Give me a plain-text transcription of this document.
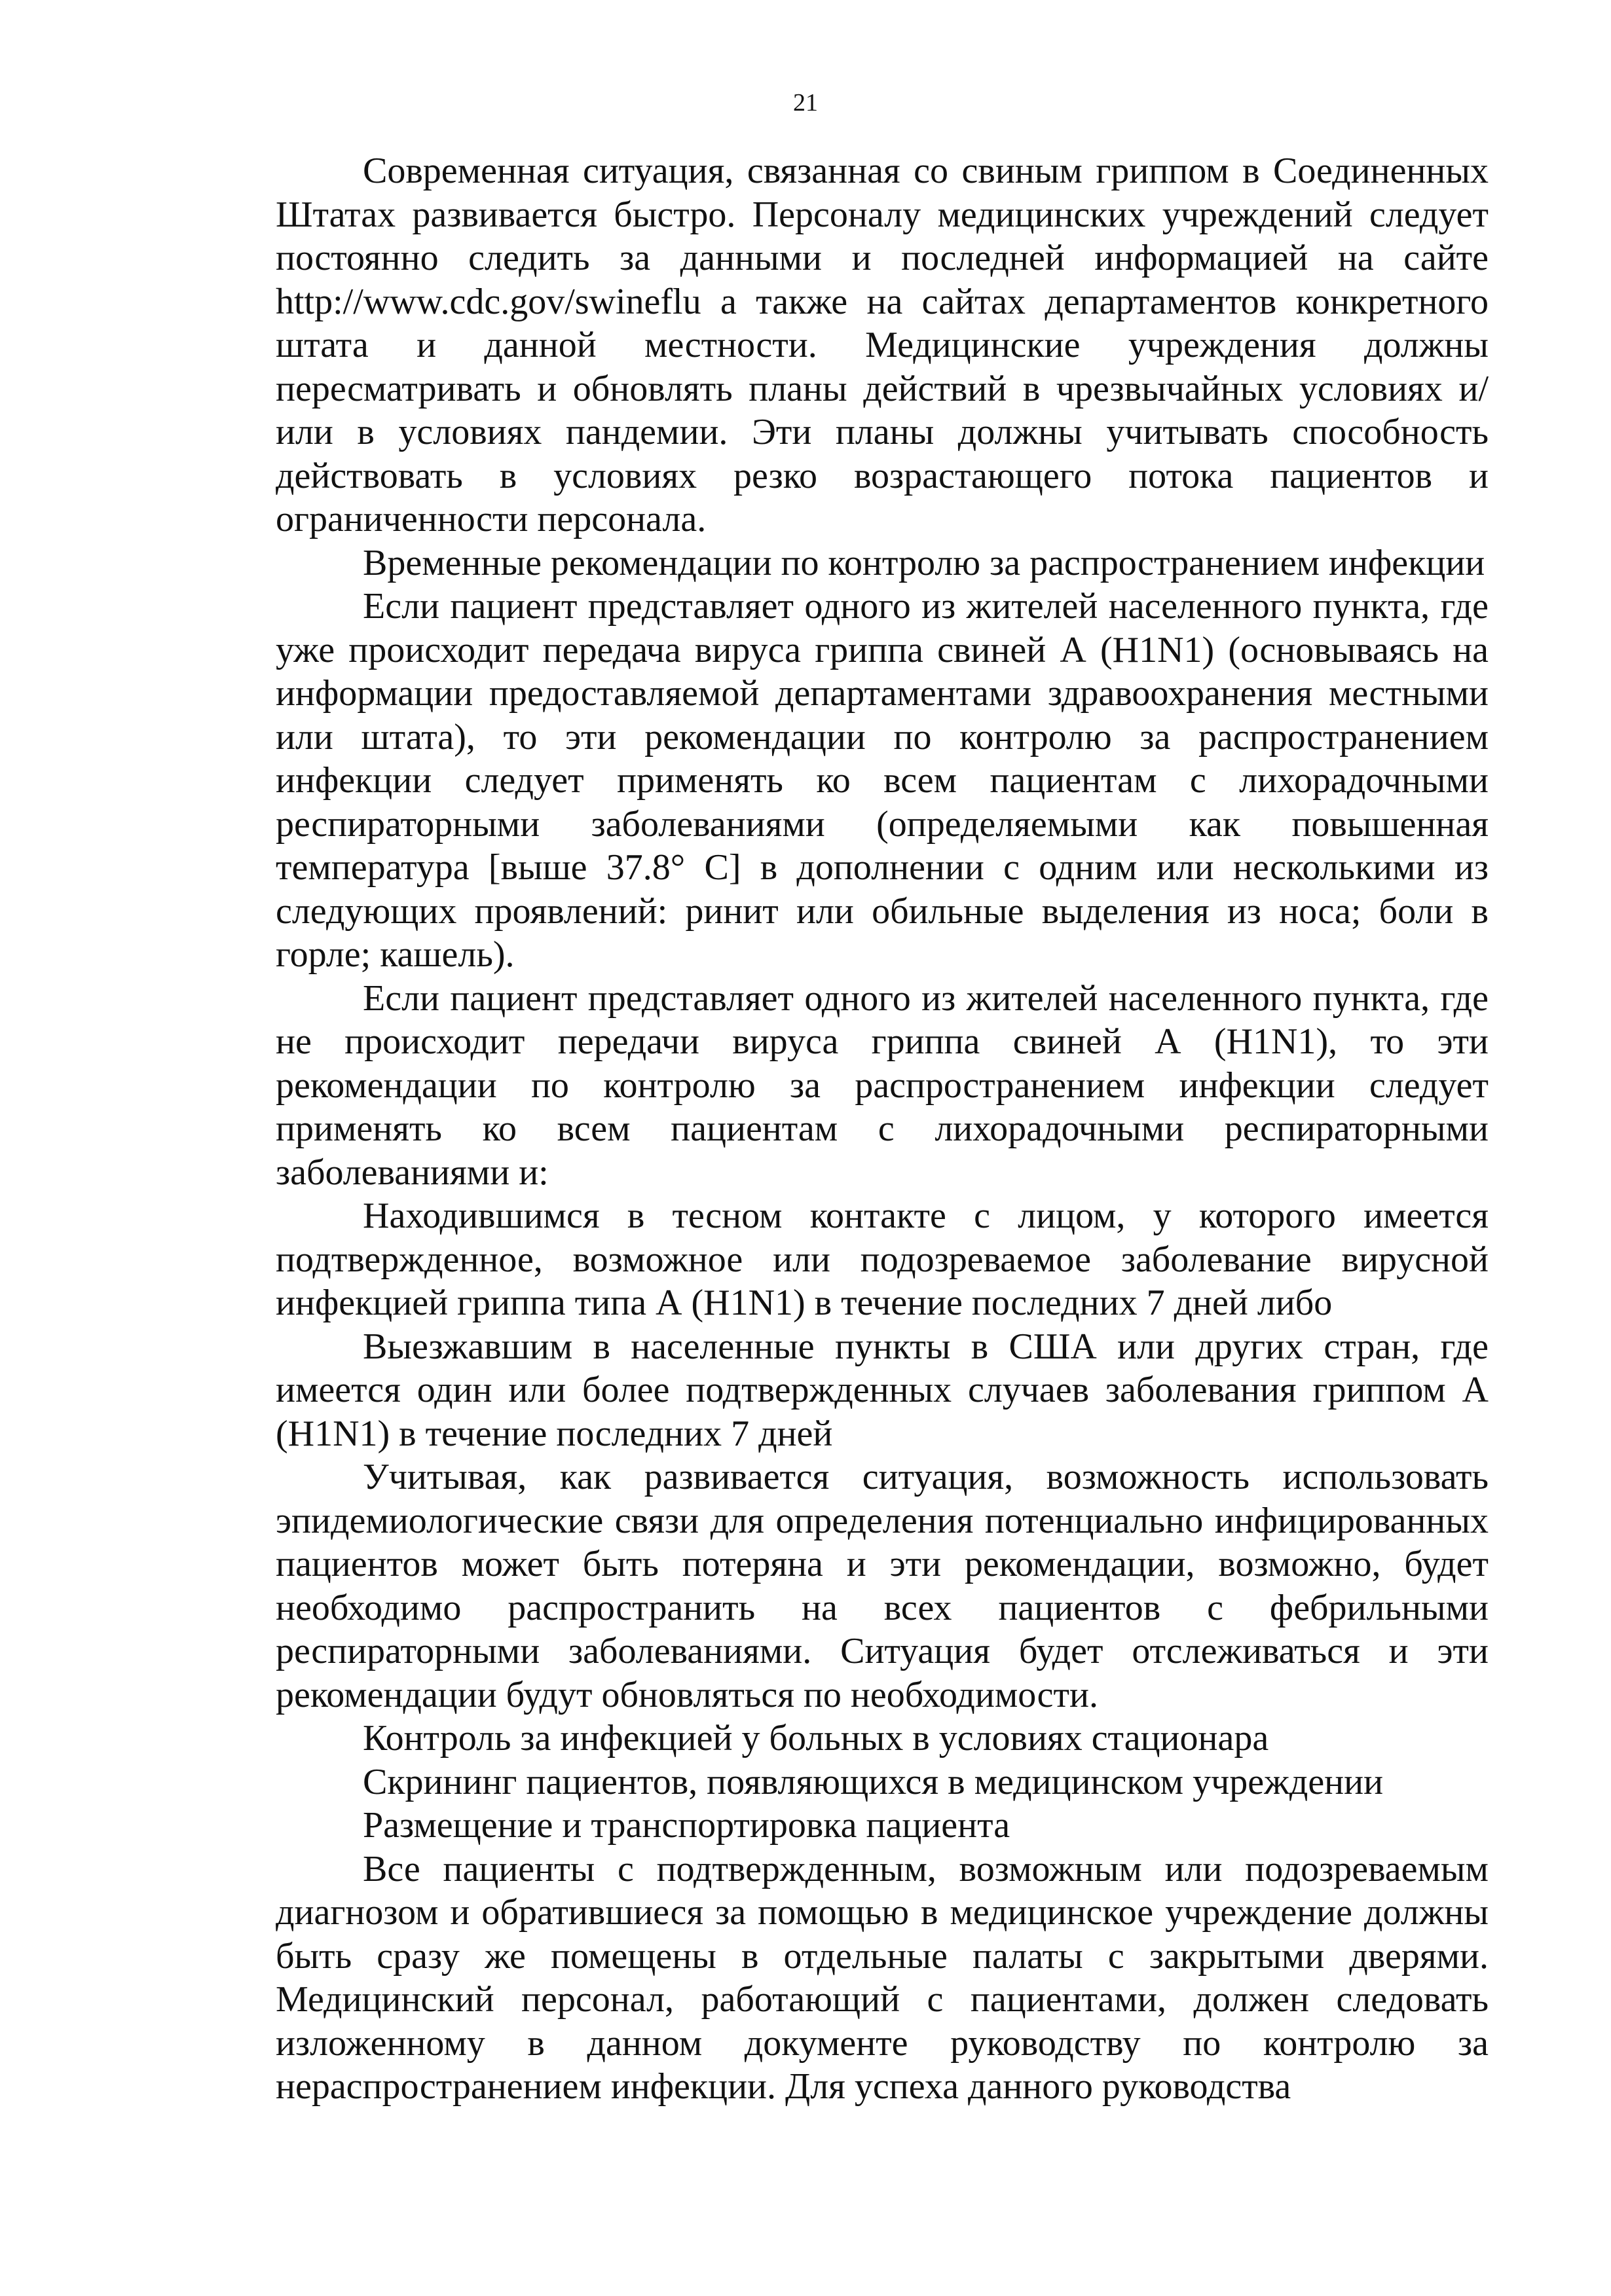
21

Современная ситуация, связанная со свиным гриппом в Соединенных Штатах развивается быстро. Персоналу медицинских учреждений следует постоянно следить за данными и последней информацией на сайте http://www.cdc.gov/swineflu а также на сайтах департаментов конкретного штата и данной местности. Медицинские учреждения должны пересматривать и обновлять планы действий в чрезвычайных условиях и/или в условиях пандемии. Эти планы должны учитывать способность действовать в условиях резко возрастающего потока пациентов и ограниченности персонала.

Временные рекомендации по контролю за распространением инфекции

Если пациент представляет одного из жителей населенного пункта, где уже происходит передача вируса гриппа свиней А (H1N1) (основываясь на информации предоставляемой департаментами здравоохранения местными или штата), то эти рекомендации по контролю за распространением инфекции следует применять ко всем пациентам с лихорадочными респираторными заболеваниями (определяемыми как повышенная температура [выше 37.8° С] в дополнении с одним или несколькими из следующих проявлений: ринит или обильные выделения из носа; боли в горле; кашель).

Если пациент представляет одного из жителей населенного пункта, где не происходит передачи вируса гриппа свиней А (H1N1), то эти рекомендации по контролю за распространением инфекции следует применять ко всем пациентам с лихорадочными респираторными заболеваниями и:

Находившимся в тесном контакте с лицом, у которого имеется подтвержденное, возможное или подозреваемое заболевание вирусной инфекцией гриппа типа А (H1N1) в течение последних 7 дней либо

Выезжавшим в населенные пункты в США или других стран, где имеется один или более подтвержденных случаев заболевания гриппом А (H1N1) в течение последних 7 дней

Учитывая, как развивается ситуация, возможность использовать эпидемиологические связи для определения потенциально инфицированных пациентов может быть потеряна и эти рекомендации, возможно, будет необходимо распространить на всех пациентов с фебрильными респираторными заболеваниями. Ситуация будет отслеживаться и эти рекомендации будут обновляться по необходимости.

Контроль за инфекцией у больных в условиях стационара

Скрининг пациентов, появляющихся в медицинском учреждении

Размещение и транспортировка пациента

Все пациенты с подтвержденным, возможным или подозреваемым диагнозом и обратившиеся за помощью в медицинское учреждение должны быть сразу же помещены в отдельные палаты с закрытыми дверями. Медицинский персонал, работающий с пациентами, должен следовать изложенному в данном документе руководству по контролю за нераспространением инфекции. Для успеха данного руководства
